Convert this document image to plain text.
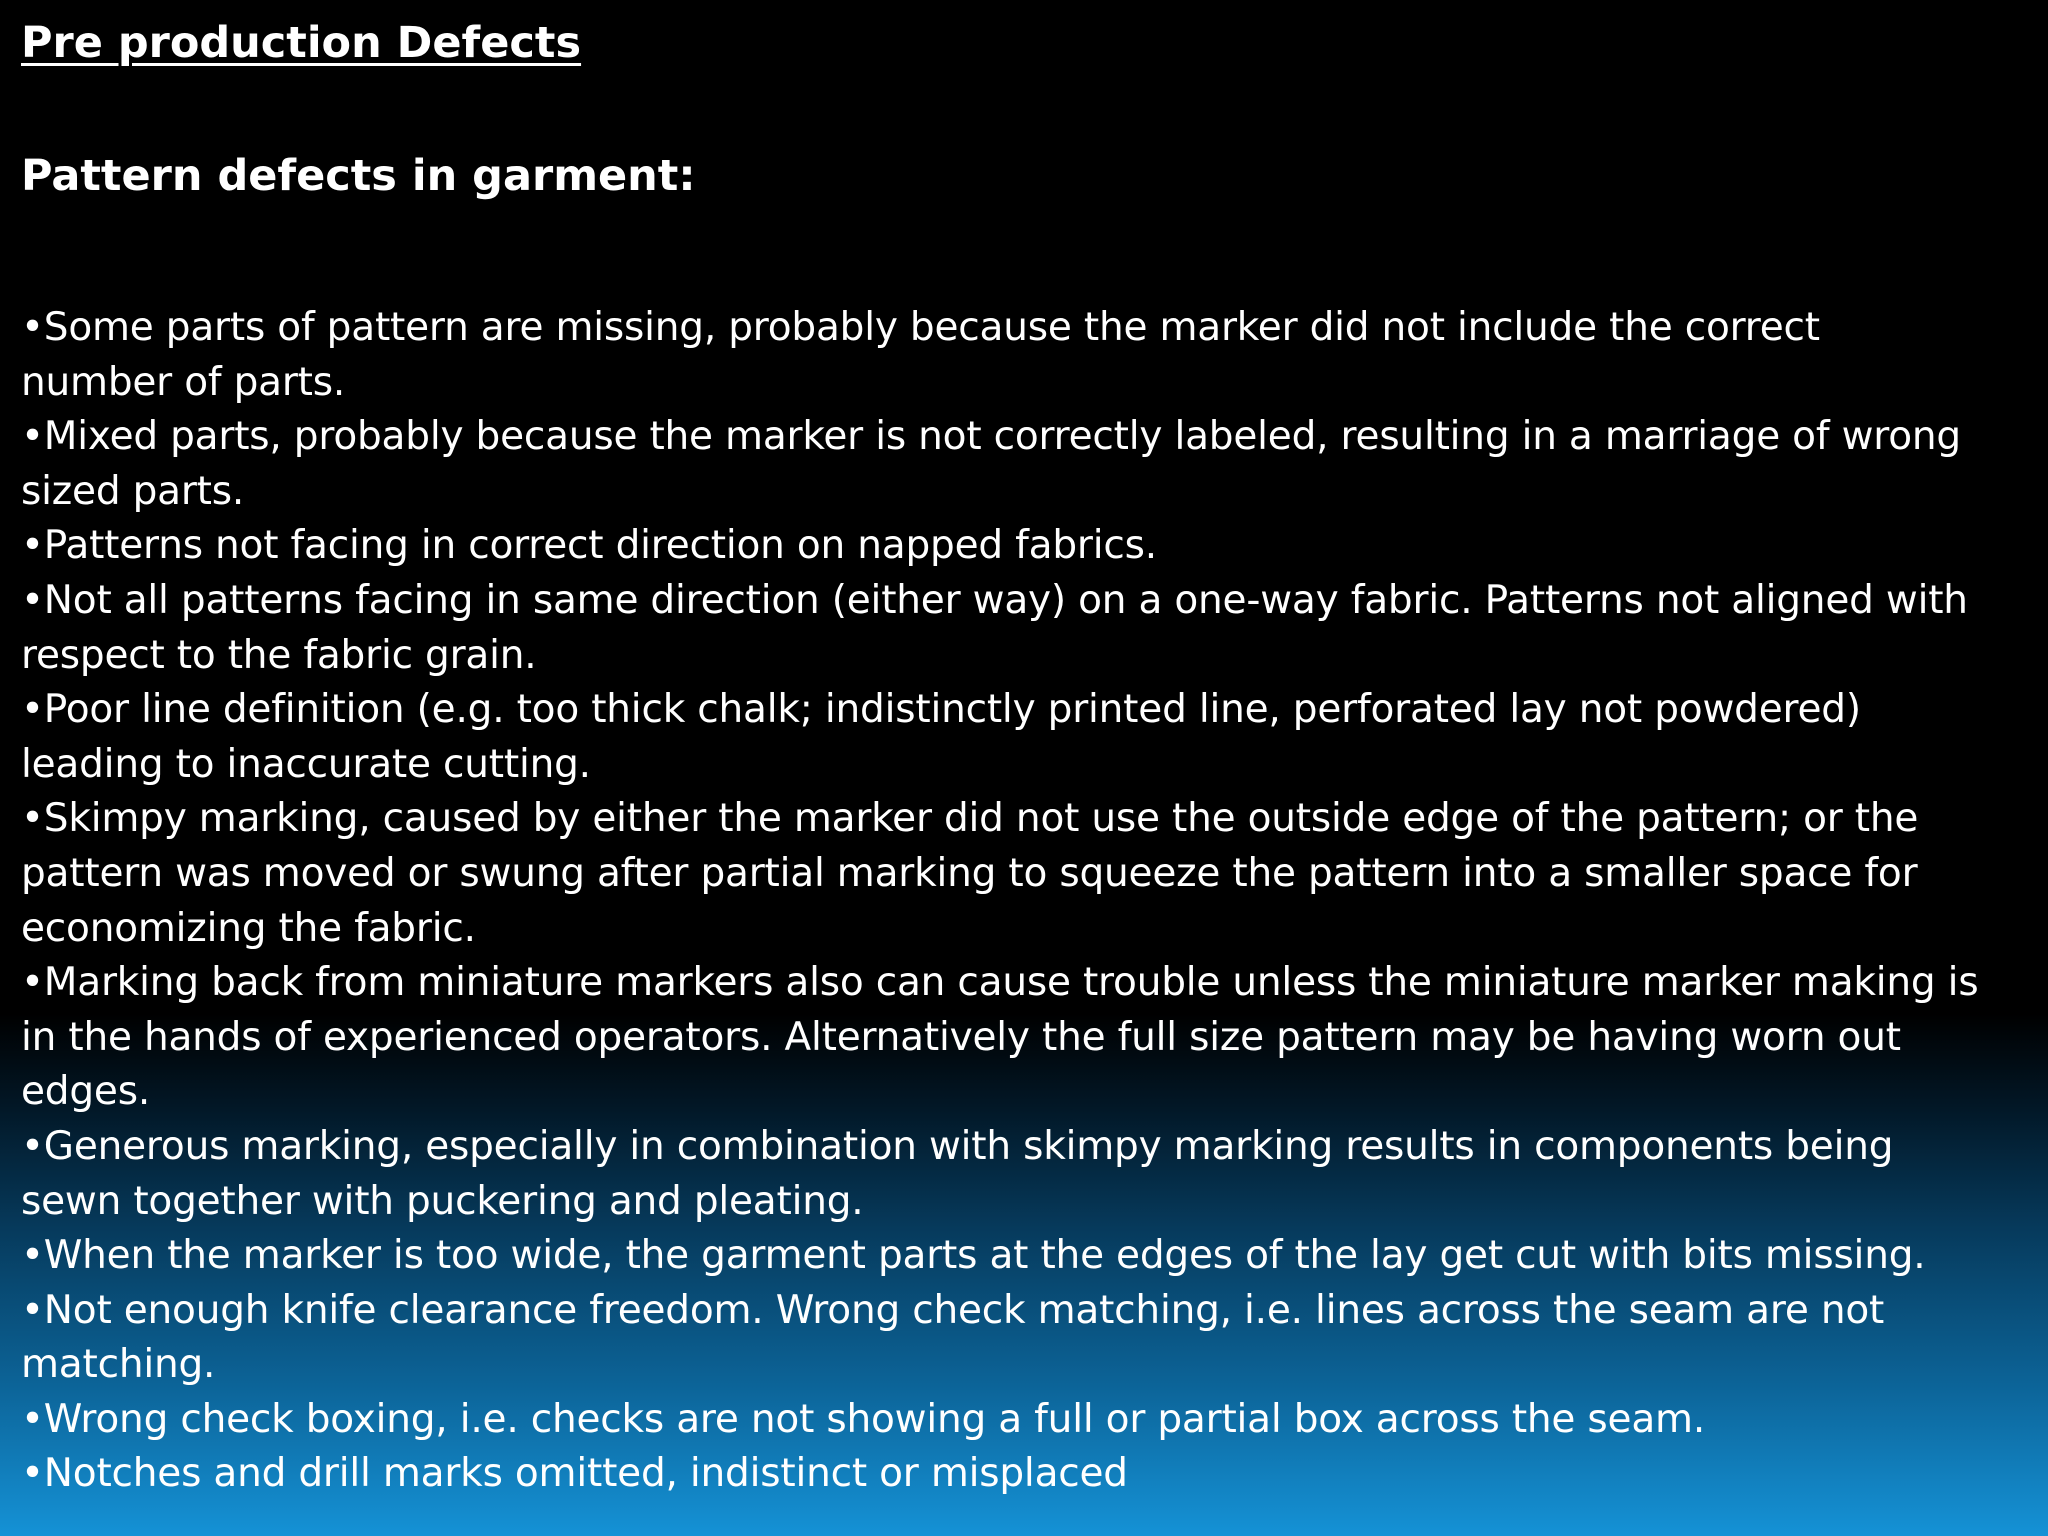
Pre production Defects
Pattern defects in garment:
•Some parts of pattern are missing, probably because the marker did not include the correct number of parts.
•Mixed parts, probably because the marker is not correctly labeled, resulting in a marriage of wrong sized parts.
•Patterns not facing in correct direction on napped fabrics.
•Not all patterns facing in same direction (either way) on a one-way fabric. Patterns not aligned with respect to the fabric grain.
•Poor line definition (e.g. too thick chalk; indistinctly printed line, perforated lay not powdered) leading to inaccurate cutting.
•Skimpy marking, caused by either the marker did not use the outside edge of the pattern; or the pattern was moved or swung after partial marking to squeeze the pattern into a smaller space for economizing the fabric.
•Marking back from miniature markers also can cause trouble unless the miniature marker making is in the hands of experienced operators. Alternatively the full size pattern may be having worn out edges.
•Generous marking, especially in combination with skimpy marking results in components being sewn together with puckering and pleating.
•When the marker is too wide, the garment parts at the edges of the lay get cut with bits missing.
•Not enough knife clearance freedom. Wrong check matching, i.e. lines across the seam are not matching.
•Wrong check boxing, i.e. checks are not showing a full or partial box across the seam.
•Notches and drill marks omitted, indistinct or misplaced
